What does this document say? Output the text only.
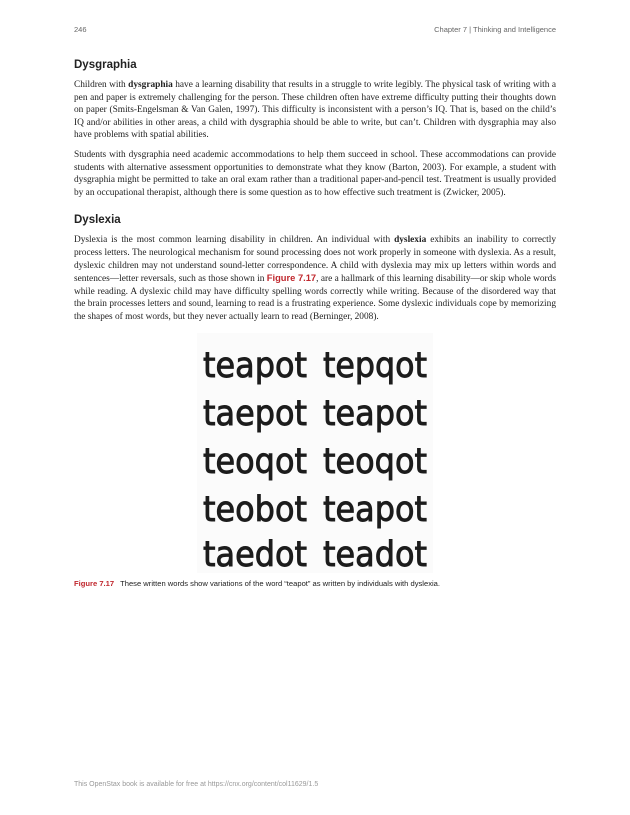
246	Chapter 7 | Thinking and Intelligence
Dysgraphia

Children with dysgraphia have a learning disability that results in a struggle to write legibly. The physical task of writing with a pen and paper is extremely challenging for the person. These children often have extreme difficulty putting their thoughts down on paper (Smits-Engelsman & Van Galen, 1997). This difficulty is inconsistent with a person’s IQ. That is, based on the child’s IQ and/or abilities in other areas, a child with dysgraphia should be able to write, but can’t. Children with dysgraphia may also have problems with spatial abilities.

Students with dysgraphia need academic accommodations to help them succeed in school. These accommodations can provide students with alternative assessment opportunities to demonstrate what they know (Barton, 2003). For example, a student with dysgraphia might be permitted to take an oral exam rather than a traditional paper-and-pencil test. Treatment is usually provided by an occupational therapist, although there is some question as to how effective such treatment is (Zwicker, 2005).

Dyslexia

Dyslexia is the most common learning disability in children. An individual with dyslexia exhibits an inability to correctly process letters. The neurological mechanism for sound processing does not work properly in someone with dyslexia. As a result, dyslexic children may not understand sound-letter correspondence. A child with dyslexia may mix up letters within words and sentences—letter reversals, such as those shown in Figure 7.17, are a hallmark of this learning disability—or skip whole words while reading. A dyslexic child may have difficulty spelling words correctly while writing. Because of the disordered way that the brain processes letters and sound, learning to read is a frustrating experience. Some dyslexic individuals cope by memorizing the shapes of most words, but they never actually learn to read (Berninger, 2008).

teapot tepqot
taepot teapot
teoqot teoqot
teobot teapot
taedot teadot
Figure 7.17 These written words show variations of the word “teapot” as written by individuals with dyslexia.
This OpenStax book is available for free at https://cnx.org/content/col11629/1.5
